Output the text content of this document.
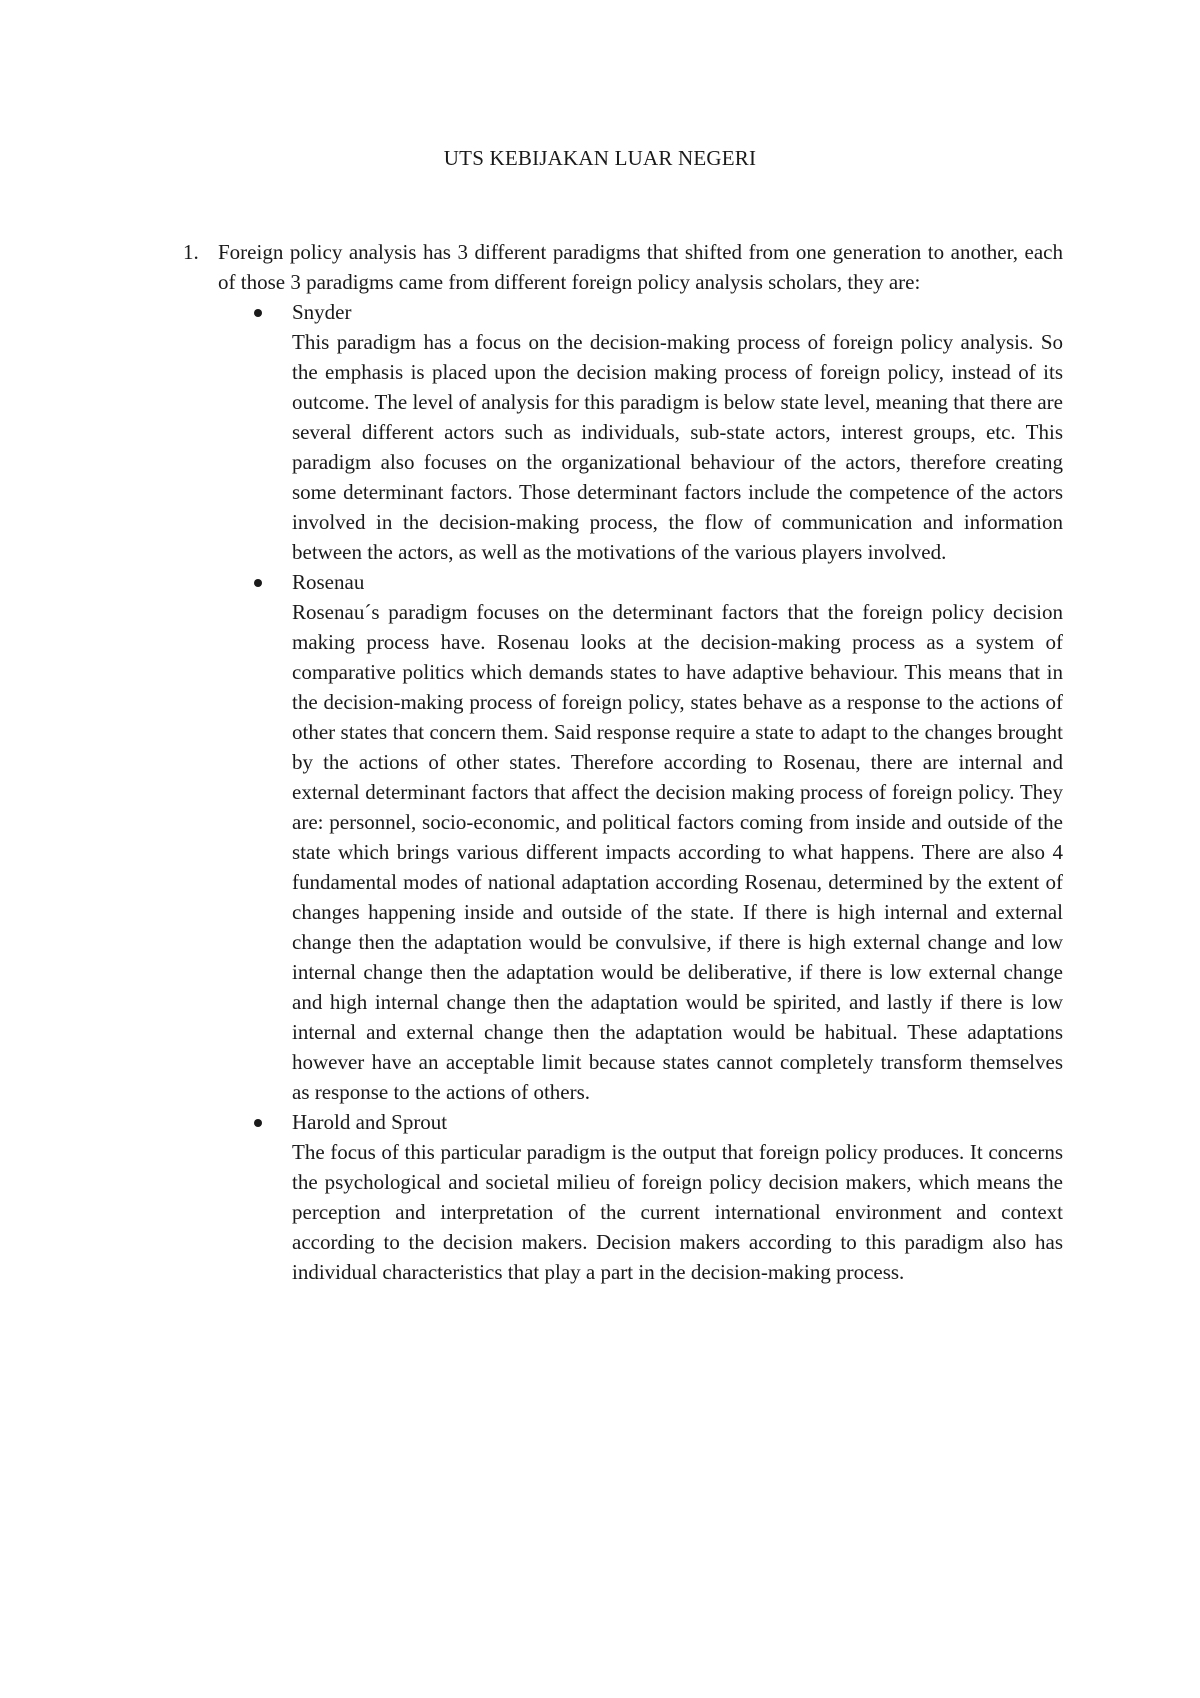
UTS KEBIJAKAN LUAR NEGERI
1. Foreign policy analysis has 3 different paradigms that shifted from one generation to another, each of those 3 paradigms came from different foreign policy analysis scholars, they are:
Snyder
This paradigm has a focus on the decision-making process of foreign policy analysis. So the emphasis is placed upon the decision making process of foreign policy, instead of its outcome. The level of analysis for this paradigm is below state level, meaning that there are several different actors such as individuals, sub-state actors, interest groups, etc. This paradigm also focuses on the organizational behaviour of the actors, therefore creating some determinant factors. Those determinant factors include the competence of the actors involved in the decision-making process, the flow of communication and information between the actors, as well as the motivations of the various players involved.
Rosenau
Rosenau´s paradigm focuses on the determinant factors that the foreign policy decision making process have. Rosenau looks at the decision-making process as a system of comparative politics which demands states to have adaptive behaviour. This means that in the decision-making process of foreign policy, states behave as a response to the actions of other states that concern them. Said response require a state to adapt to the changes brought by the actions of other states. Therefore according to Rosenau, there are internal and external determinant factors that affect the decision making process of foreign policy. They are: personnel, socio-economic, and political factors coming from inside and outside of the state which brings various different impacts according to what happens. There are also 4 fundamental modes of national adaptation according Rosenau, determined by the extent of changes happening inside and outside of the state. If there is high internal and external change then the adaptation would be convulsive, if there is high external change and low internal change then the adaptation would be deliberative, if there is low external change and high internal change then the adaptation would be spirited, and lastly if there is low internal and external change then the adaptation would be habitual. These adaptations however have an acceptable limit because states cannot completely transform themselves as response to the actions of others.
Harold and Sprout
The focus of this particular paradigm is the output that foreign policy produces. It concerns the psychological and societal milieu of foreign policy decision makers, which means the perception and interpretation of the current international environment and context according to the decision makers. Decision makers according to this paradigm also has individual characteristics that play a part in the decision-making process.
